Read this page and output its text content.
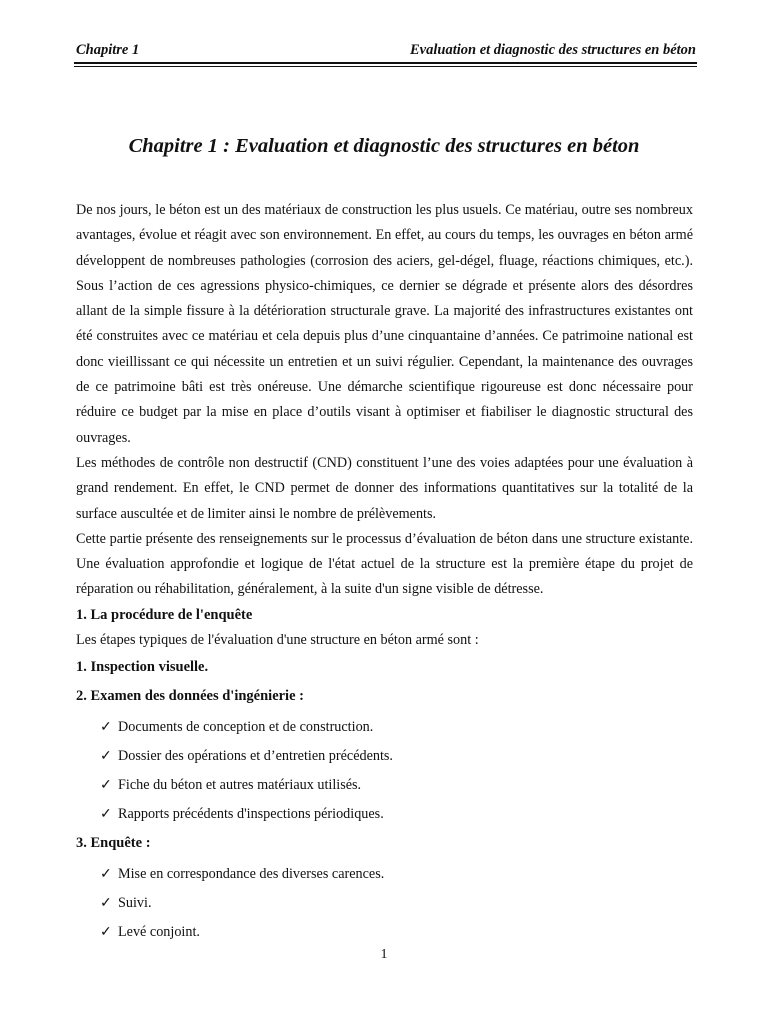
Chapitre 1	Evaluation et diagnostic des structures en béton
Chapitre 1 : Evaluation et diagnostic des structures en béton

De nos jours, le béton est un des matériaux de construction les plus usuels. Ce matériau, outre ses nombreux avantages, évolue et réagit avec son environnement. En effet, au cours du temps, les ouvrages en béton armé développent de nombreuses pathologies (corrosion des aciers, gel-dégel, fluage, réactions chimiques, etc.). Sous l’action de ces agressions physico-chimiques, ce dernier se dégrade et présente alors des désordres allant de la simple fissure à la détérioration structurale grave. La majorité des infrastructures existantes ont été construites avec ce matériau et cela depuis plus d’une cinquantaine d’années. Ce patrimoine national est donc vieillissant ce qui nécessite un entretien et un suivi régulier. Cependant, la maintenance des ouvrages de ce patrimoine bâti est très onéreuse. Une démarche scientifique rigoureuse est donc nécessaire pour réduire ce budget par la mise en place d’outils visant à optimiser et fiabiliser le diagnostic structural des ouvrages.

Les méthodes de contrôle non destructif (CND) constituent l’une des voies adaptées pour une évaluation à grand rendement. En effet, le CND permet de donner des informations quantitatives sur la totalité de la surface auscultée et de limiter ainsi le nombre de prélèvements.

Cette partie présente des renseignements sur le processus d’évaluation de béton dans une structure existante. Une évaluation approfondie et logique de l'état actuel de la structure est la première étape du projet de réparation ou réhabilitation, généralement, à la suite d'un signe visible de détresse.

1. La procédure de l'enquête

Les étapes typiques de l'évaluation d'une structure en béton armé sont :

1. Inspection visuelle.
2. Examen des données d'ingénierie :
✓ Documents de conception et de construction.
✓ Dossier des opérations et d’entretien précédents.
✓ Fiche du béton et autres matériaux utilisés.
✓ Rapports précédents d'inspections périodiques.
3. Enquête :
✓ Mise en correspondance des diverses carences.
✓ Suivi.
✓ Levé conjoint.
1
